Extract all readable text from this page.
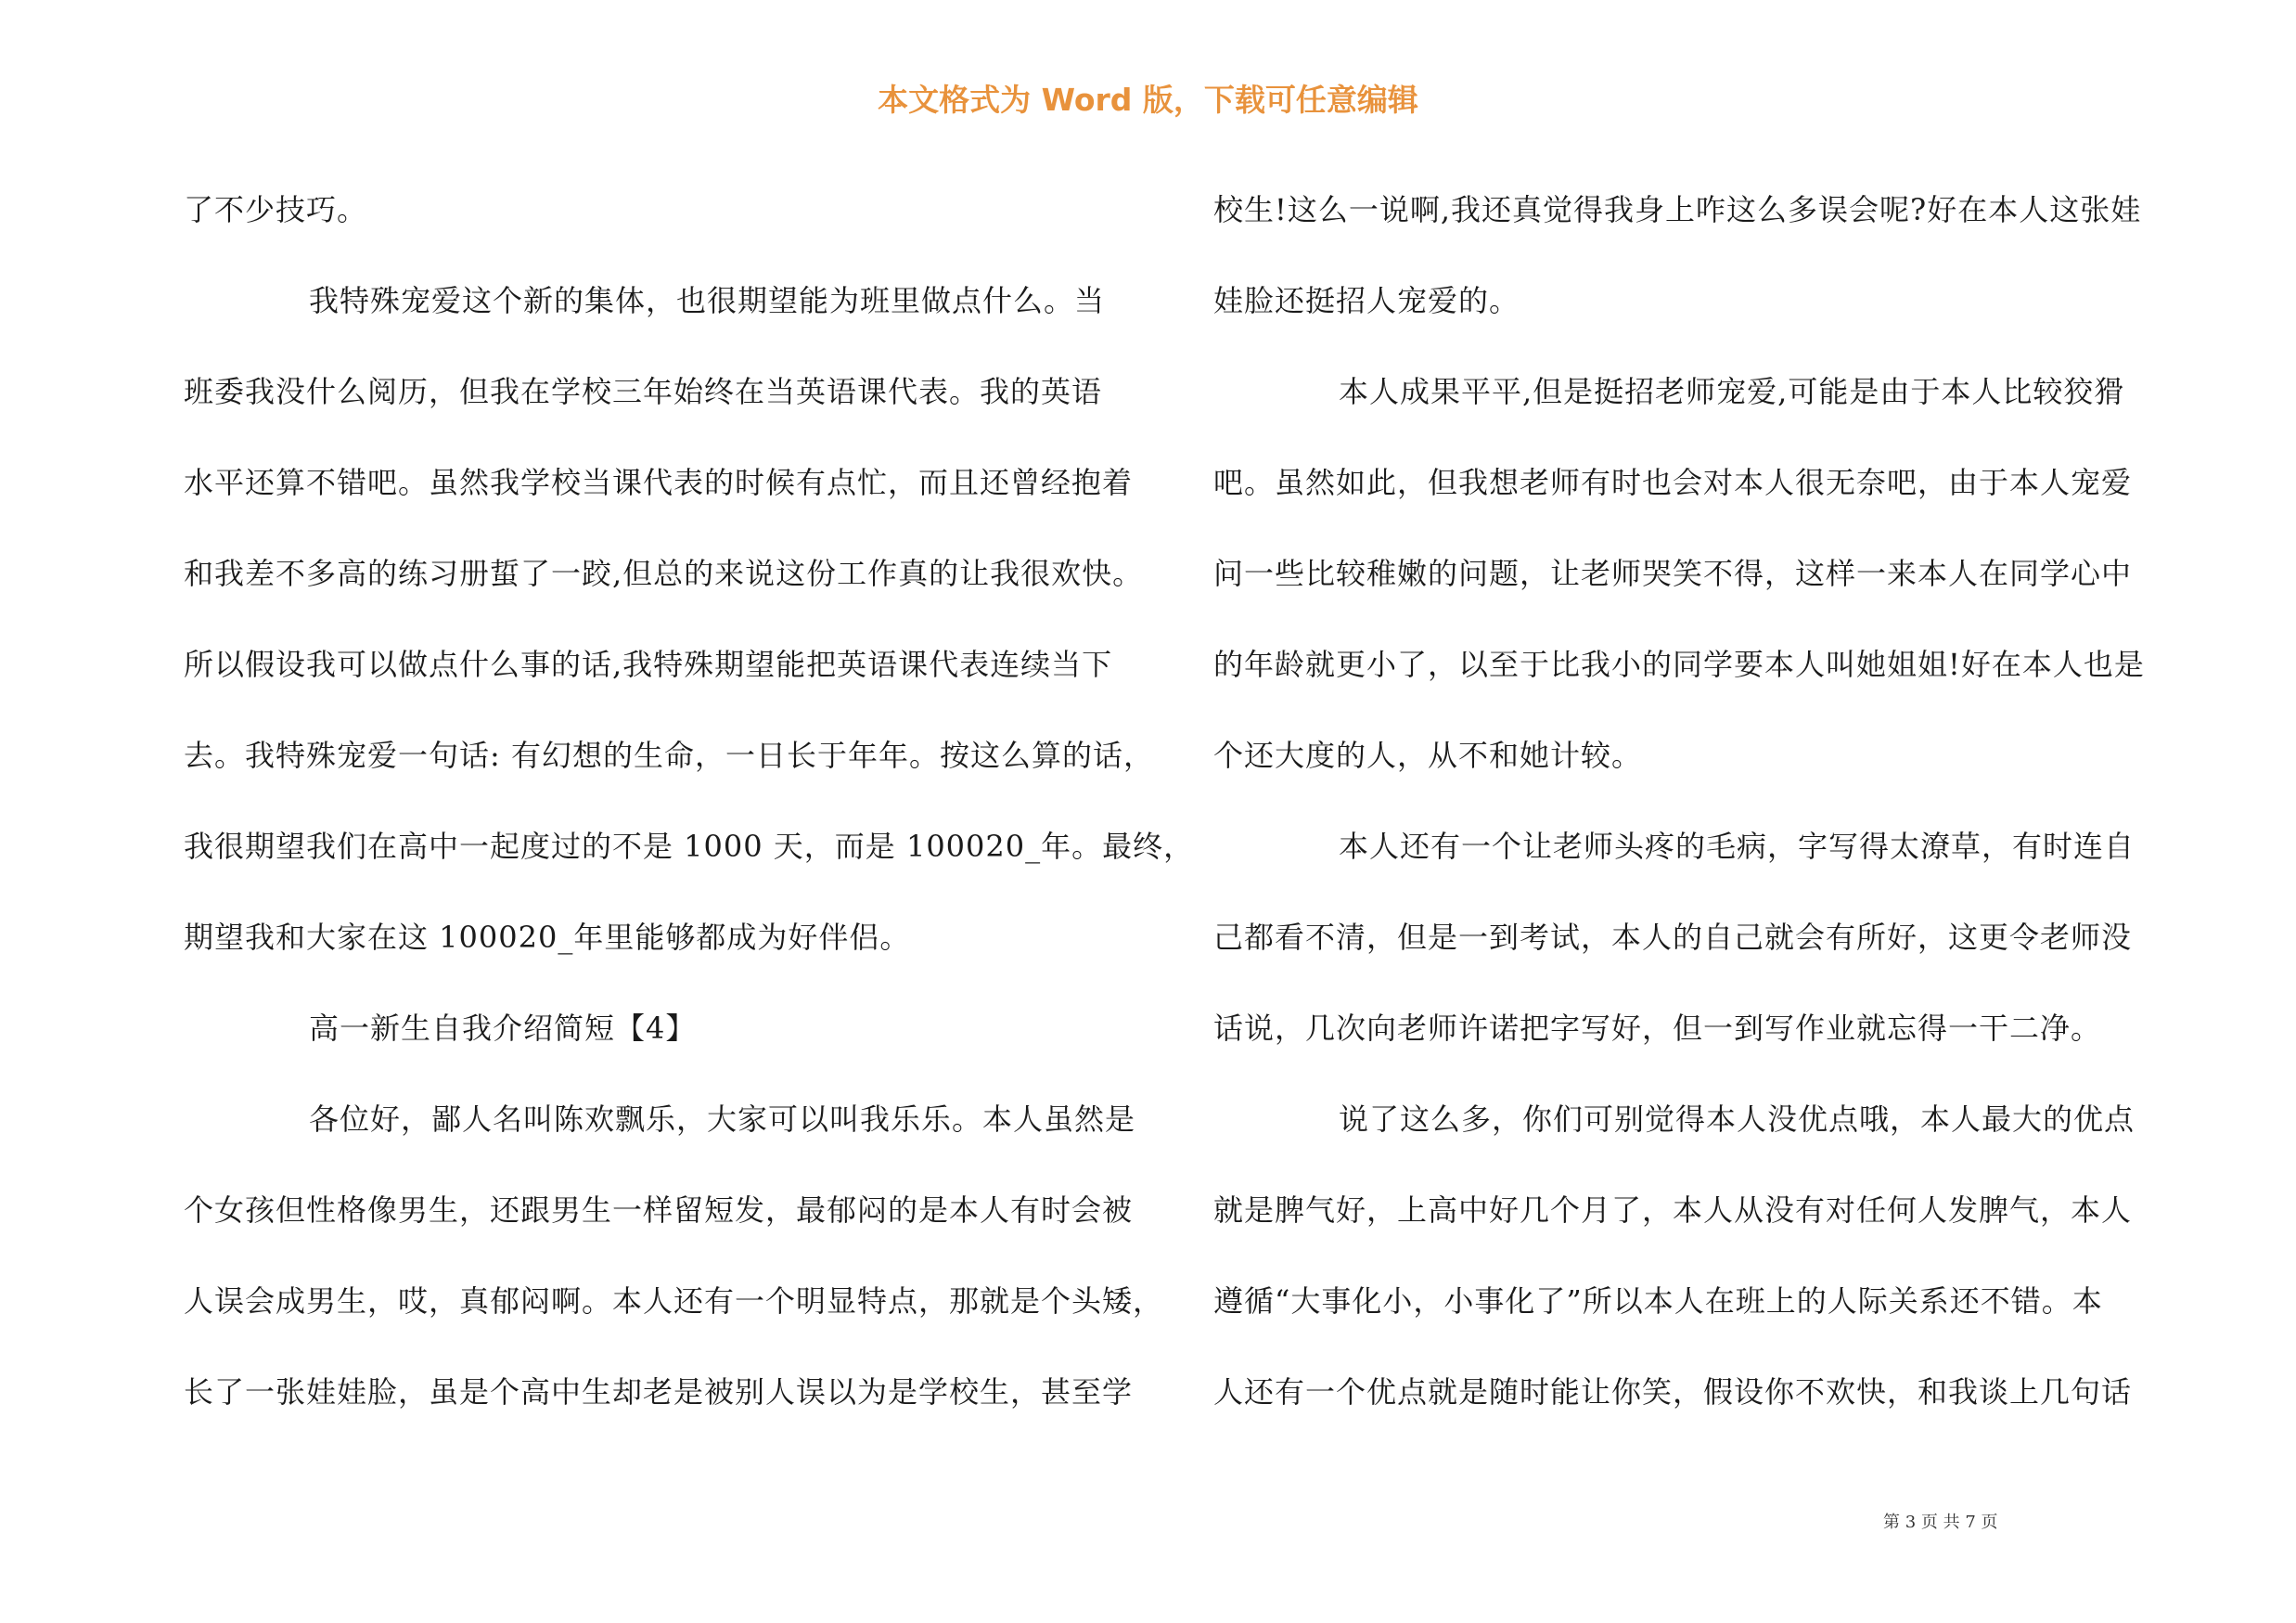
本文格式为 Word 版，下载可任意编辑
了不少技巧。
我特殊宠爱这个新的集体，也很期望能为班里做点什么。当
班委我没什么阅历，但我在学校三年始终在当英语课代表。我的英语
水平还算不错吧。虽然我学校当课代表的时候有点忙，而且还曾经抱着
和我差不多高的练习册蜇了一跤,但总的来说这份工作真的让我很欢快。
所以假设我可以做点什么事的话,我特殊期望能把英语课代表连续当下
去。我特殊宠爱一句话: 有幻想的生命，一日长于年年。按这么算的话，
我很期望我们在高中一起度过的不是 1000 天，而是 100020_年。最终，
期望我和大家在这 100020_年里能够都成为好伴侣。
高一新生自我介绍简短【4】
各位好，鄙人名叫陈欢飘乐，大家可以叫我乐乐。本人虽然是
个女孩但性格像男生，还跟男生一样留短发，最郁闷的是本人有时会被
人误会成男生，哎，真郁闷啊。本人还有一个明显特点，那就是个头矮，
长了一张娃娃脸，虽是个高中生却老是被别人误以为是学校生，甚至学
校生!这么一说啊,我还真觉得我身上咋这么多误会呢?好在本人这张娃
娃脸还挺招人宠爱的。
本人成果平平,但是挺招老师宠爱,可能是由于本人比较狡猾
吧。虽然如此，但我想老师有时也会对本人很无奈吧，由于本人宠爱
问一些比较稚嫩的问题，让老师哭笑不得，这样一来本人在同学心中
的年龄就更小了，以至于比我小的同学要本人叫她姐姐!好在本人也是
个还大度的人，从不和她计较。
本人还有一个让老师头疼的毛病，字写得太潦草，有时连自
己都看不清，但是一到考试，本人的自己就会有所好，这更令老师没
话说，几次向老师许诺把字写好，但一到写作业就忘得一干二净。
说了这么多，你们可别觉得本人没优点哦，本人最大的优点
就是脾气好，上高中好几个月了，本人从没有对任何人发脾气，本人
遵循“大事化小，小事化了”所以本人在班上的人际关系还不错。本
人还有一个优点就是随时能让你笑，假设你不欢快，和我谈上几句话
第 3 页 共 7 页
